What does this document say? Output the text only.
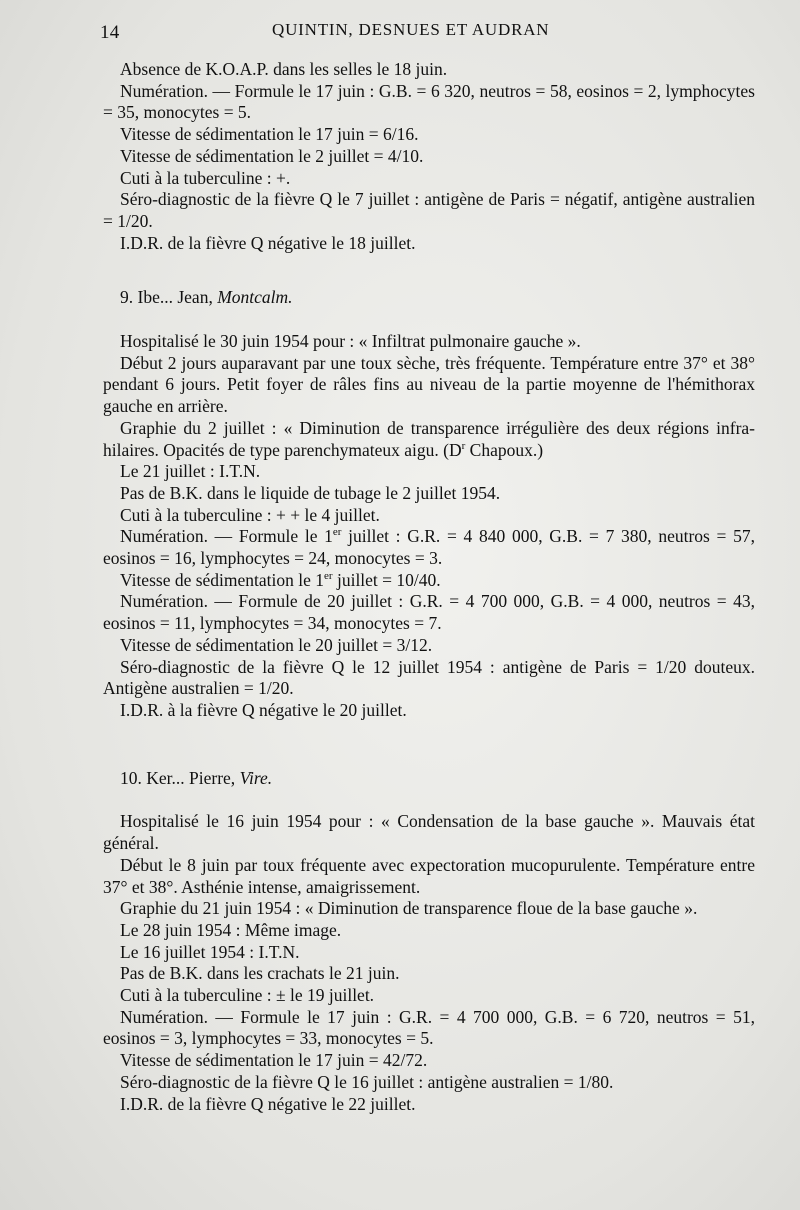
14	QUINTIN, DESNUES ET AUDRAN

Absence de K.O.A.P. dans les selles le 18 juin.

Numération. — Formule le 17 juin : G.B. = 6 320, neutros = 58, eosinos = 2, lymphocytes = 35, monocytes = 5.

Vitesse de sédimentation le 17 juin = 6/16.

Vitesse de sédimentation le 2 juillet = 4/10.

Cuti à la tuberculine : +.

Séro-diagnostic de la fièvre Q le 7 juillet : antigène de Paris = négatif, antigène australien = 1/20.

I.D.R. de la fièvre Q négative le 18 juillet.

9. Ibe... Jean, Montcalm.

Hospitalisé le 30 juin 1954 pour : « Infiltrat pulmonaire gauche ».

Début 2 jours auparavant par une toux sèche, très fréquente. Température entre 37° et 38° pendant 6 jours. Petit foyer de râles fins au niveau de la partie moyenne de l'hémithorax gauche en arrière.

Graphie du 2 juillet : « Diminution de transparence irrégulière des deux régions infra-hilaires. Opacités de type parenchymateux aigu. ($D^r$ Chapoux.)

Le 21 juillet : I.T.N.

Pas de B.K. dans le liquide de tubage le 2 juillet 1954.

Cuti à la tuberculine : + + le 4 juillet.

Numération. — Formule le 1er juillet : G.R. = 4 840 000, G.B. = 7 380, neutros = 57, eosinos = 16, lymphocytes = 24, monocytes = 3.

Vitesse de sédimentation le 1er juillet = 10/40.

Numération. — Formule de 20 juillet : G.R. = 4 700 000, G.B. = 4 000, neutros = 43, eosinos = 11, lymphocytes = 34, monocytes = 7.

Vitesse de sédimentation le 20 juillet = 3/12.

Séro-diagnostic de la fièvre Q le 12 juillet 1954 : antigène de Paris = 1/20 douteux. Antigène australien = 1/20.

I.D.R. à la fièvre Q négative le 20 juillet.

10. Ker... Pierre, Vire.

Hospitalisé le 16 juin 1954 pour : « Condensation de la base gauche ». Mauvais état général.

Début le 8 juin par toux fréquente avec expectoration mucopurulente. Température entre 37° et 38°. Asthénie intense, amaigrissement.

Graphie du 21 juin 1954 : « Diminution de transparence floue de la base gauche ».

Le 28 juin 1954 : Même image.

Le 16 juillet 1954 : I.T.N.

Pas de B.K. dans les crachats le 21 juin.

Cuti à la tuberculine : ± le 19 juillet.

Numération. — Formule le 17 juin : G.R. = 4 700 000, G.B. = 6 720, neutros = 51, eosinos = 3, lymphocytes = 33, monocytes = 5.

Vitesse de sédimentation le 17 juin = 42/72.

Séro-diagnostic de la fièvre Q le 16 juillet : antigène australien = 1/80.

I.D.R. de la fièvre Q négative le 22 juillet.
